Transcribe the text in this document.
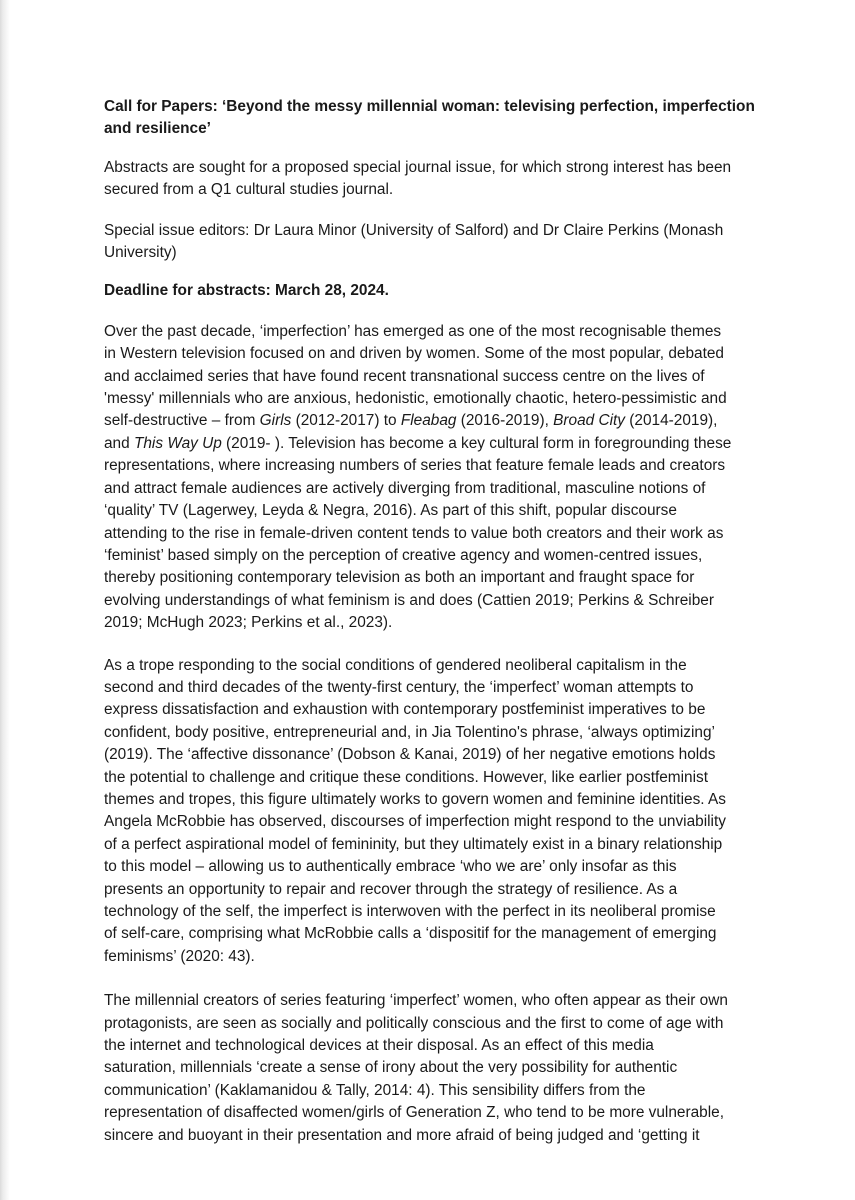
Call for Papers: ‘Beyond the messy millennial woman: televising perfection, imperfection
and resilience’

Abstracts are sought for a proposed special journal issue, for which strong interest has been
secured from a Q1 cultural studies journal.

Special issue editors: Dr Laura Minor (University of Salford) and Dr Claire Perkins (Monash
University)

Deadline for abstracts: March 28, 2024.

Over the past decade, ‘imperfection’ has emerged as one of the most recognisable themes
in Western television focused on and driven by women. Some of the most popular, debated
and acclaimed series that have found recent transnational success centre on the lives of
'messy' millennials who are anxious, hedonistic, emotionally chaotic, hetero-pessimistic and
self-destructive – from Girls (2012-2017) to Fleabag (2016-2019), Broad City (2014-2019),
and This Way Up (2019- ). Television has become a key cultural form in foregrounding these
representations, where increasing numbers of series that feature female leads and creators
and attract female audiences are actively diverging from traditional, masculine notions of
‘quality’ TV (Lagerwey, Leyda & Negra, 2016). As part of this shift, popular discourse
attending to the rise in female-driven content tends to value both creators and their work as
‘feminist’ based simply on the perception of creative agency and women-centred issues,
thereby positioning contemporary television as both an important and fraught space for
evolving understandings of what feminism is and does (Cattien 2019; Perkins & Schreiber
2019; McHugh 2023; Perkins et al., 2023).

As a trope responding to the social conditions of gendered neoliberal capitalism in the
second and third decades of the twenty-first century, the ‘imperfect’ woman attempts to
express dissatisfaction and exhaustion with contemporary postfeminist imperatives to be
confident, body positive, entrepreneurial and, in Jia Tolentino's phrase, ‘always optimizing’
(2019). The ‘affective dissonance’ (Dobson & Kanai, 2019) of her negative emotions holds
the potential to challenge and critique these conditions. However, like earlier postfeminist
themes and tropes, this figure ultimately works to govern women and feminine identities. As
Angela McRobbie has observed, discourses of imperfection might respond to the unviability
of a perfect aspirational model of femininity, but they ultimately exist in a binary relationship
to this model – allowing us to authentically embrace ‘who we are’ only insofar as this
presents an opportunity to repair and recover through the strategy of resilience. As a
technology of the self, the imperfect is interwoven with the perfect in its neoliberal promise
of self-care, comprising what McRobbie calls a ‘dispositif for the management of emerging
feminisms’ (2020: 43).

The millennial creators of series featuring ‘imperfect’ women, who often appear as their own
protagonists, are seen as socially and politically conscious and the first to come of age with
the internet and technological devices at their disposal. As an effect of this media
saturation, millennials ‘create a sense of irony about the very possibility for authentic
communication’ (Kaklamanidou & Tally, 2014: 4). This sensibility differs from the
representation of disaffected women/girls of Generation Z, who tend to be more vulnerable,
sincere and buoyant in their presentation and more afraid of being judged and ‘getting it
